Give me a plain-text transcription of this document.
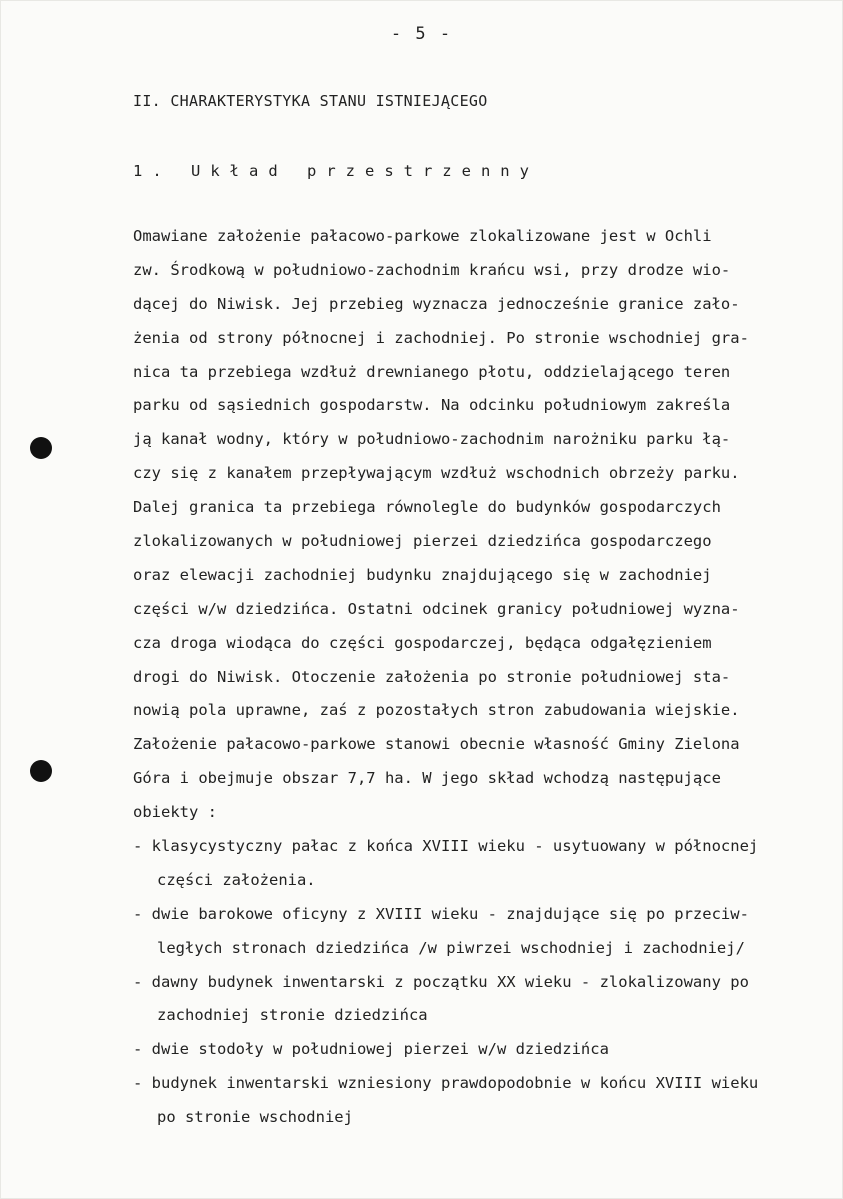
- 5 -
II. CHARAKTERYSTYKA STANU ISTNIEJĄCEGO
1. Układ przestrzenny
Omawiane założenie pałacowo-parkowe zlokalizowane jest w Ochli
zw. Środkową w południowo-zachodnim krańcu wsi, przy drodze wio-
dącej do Niwisk. Jej przebieg wyznacza jednocześnie granice zało-
żenia od strony północnej i zachodniej. Po stronie wschodniej gra-
nica ta przebiega wzdłuż drewnianego płotu, oddzielającego teren
parku od sąsiednich gospodarstw. Na odcinku południowym zakreśla
ją kanał wodny, który w południowo-zachodnim narożniku parku łą-
czy się z kanałem przepływającym wzdłuż wschodnich obrzeży parku.
Dalej granica ta przebiega równolegle do budynków gospodarczych
zlokalizowanych w południowej pierzei dziedzińca gospodarczego
oraz elewacji zachodniej budynku znajdującego się w zachodniej
części w/w dziedzińca. Ostatni odcinek granicy południowej wyzna-
cza droga wiodąca do części gospodarczej, będąca odgałęzieniem
drogi do Niwisk. Otoczenie założenia po stronie południowej sta-
nowią pola uprawne, zaś z pozostałych stron zabudowania wiejskie.
Założenie pałacowo-parkowe stanowi obecnie własność Gminy Zielona
Góra i obejmuje obszar 7,7 ha. W jego skład wchodzą następujące
obiekty :
- klasycystyczny pałac z końca XVIII wieku - usytuowany w północnej
części założenia.
- dwie barokowe oficyny z XVIII wieku - znajdujące się po przeciw-
ległych stronach dziedzińca /w piwrzei wschodniej i zachodniej/
- dawny budynek inwentarski z początku XX wieku - zlokalizowany po
zachodniej stronie dziedzińca
- dwie stodoły w południowej pierzei w/w dziedzińca
- budynek inwentarski wzniesiony prawdopodobnie w końcu XVIII wieku
po stronie wschodniej
